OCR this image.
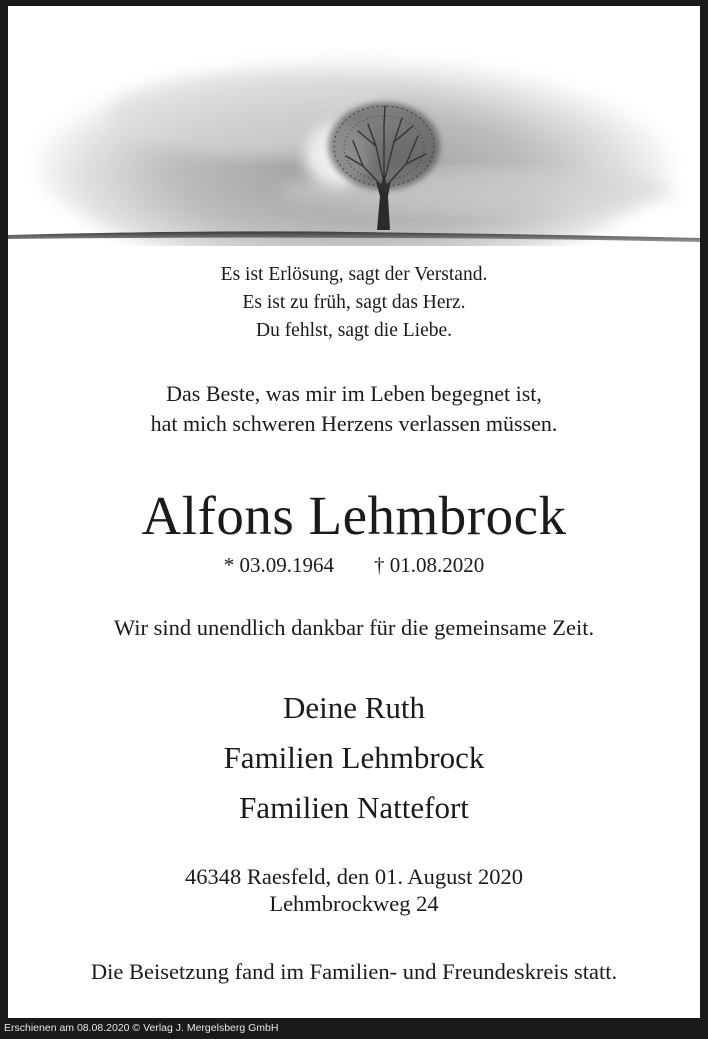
Es ist Erlösung, sagt der Verstand.
Es ist zu früh, sagt das Herz.
Du fehlst, sagt die Liebe.
Das Beste, was mir im Leben begegnet ist,
hat mich schweren Herzens verlassen müssen.
Alfons Lehmbrock
* 03.09.1964 † 01.08.2020
Wir sind unendlich dankbar für die gemeinsame Zeit.
Deine Ruth
Familien Lehmbrock
Familien Nattefort
46348 Raesfeld, den 01. August 2020
Lehmbrockweg 24
Die Beisetzung fand im Familien- und Freundeskreis statt.
Erschienen am 08.08.2020 © Verlag J. Mergelsberg GmbH
